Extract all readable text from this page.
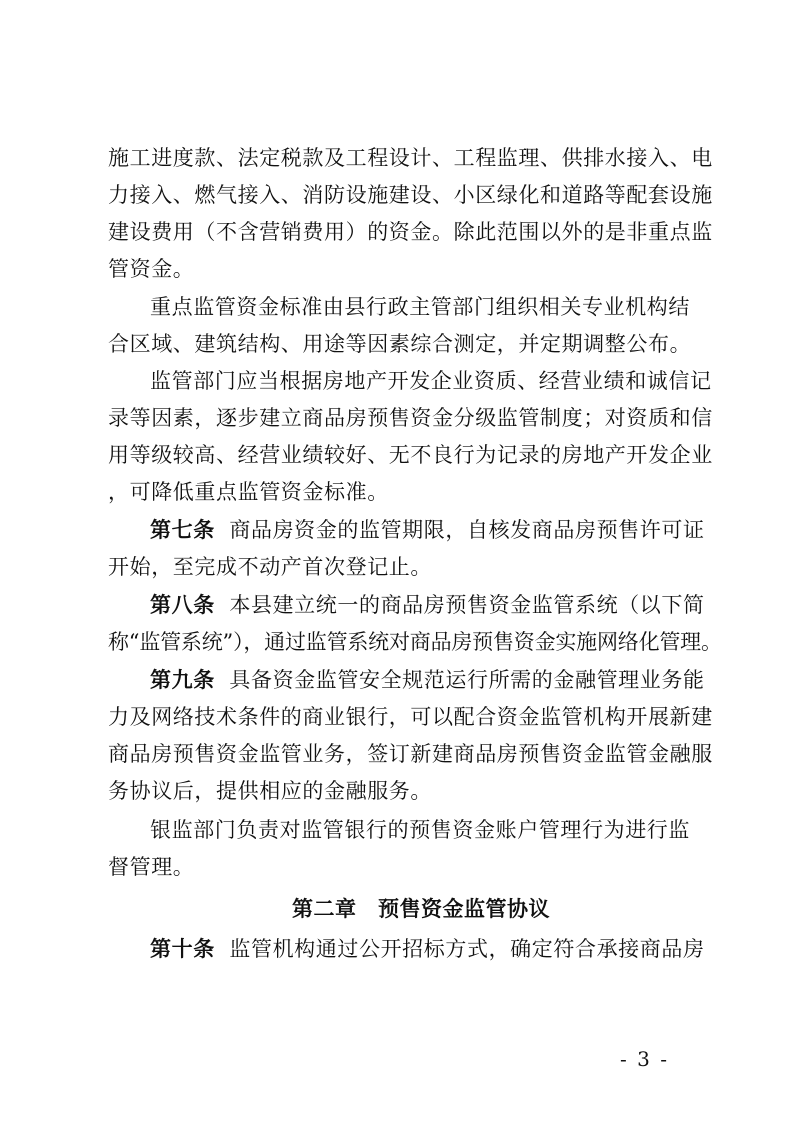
施工进度款、法定税款及工程设计、工程监理、供排水接入、电
力接入、燃气接入、消防设施建设、小区绿化和道路等配套设施
建设费用（不含营销费用）的资金。除此范围以外的是非重点监
管资金。
重点监管资金标准由县行政主管部门组织相关专业机构结
合区域、建筑结构、用途等因素综合测定，并定期调整公布。
监管部门应当根据房地产开发企业资质、经营业绩和诚信记
录等因素，逐步建立商品房预售资金分级监管制度；对资质和信
用等级较高、经营业绩较好、无不良行为记录的房地产开发企业
，可降低重点监管资金标准。
第七条 商品房资金的监管期限，自核发商品房预售许可证
开始，至完成不动产首次登记止。
第八条 本县建立统一的商品房预售资金监管系统（以下简
称“监管系统”），通过监管系统对商品房预售资金实施网络化管理。
第九条 具备资金监管安全规范运行所需的金融管理业务能
力及网络技术条件的商业银行，可以配合资金监管机构开展新建
商品房预售资金监管业务，签订新建商品房预售资金监管金融服
务协议后，提供相应的金融服务。
银监部门负责对监管银行的预售资金账户管理行为进行监
督管理。
第二章　预售资金监管协议
第十条 监管机构通过公开招标方式，确定符合承接商品房
- 3 -
